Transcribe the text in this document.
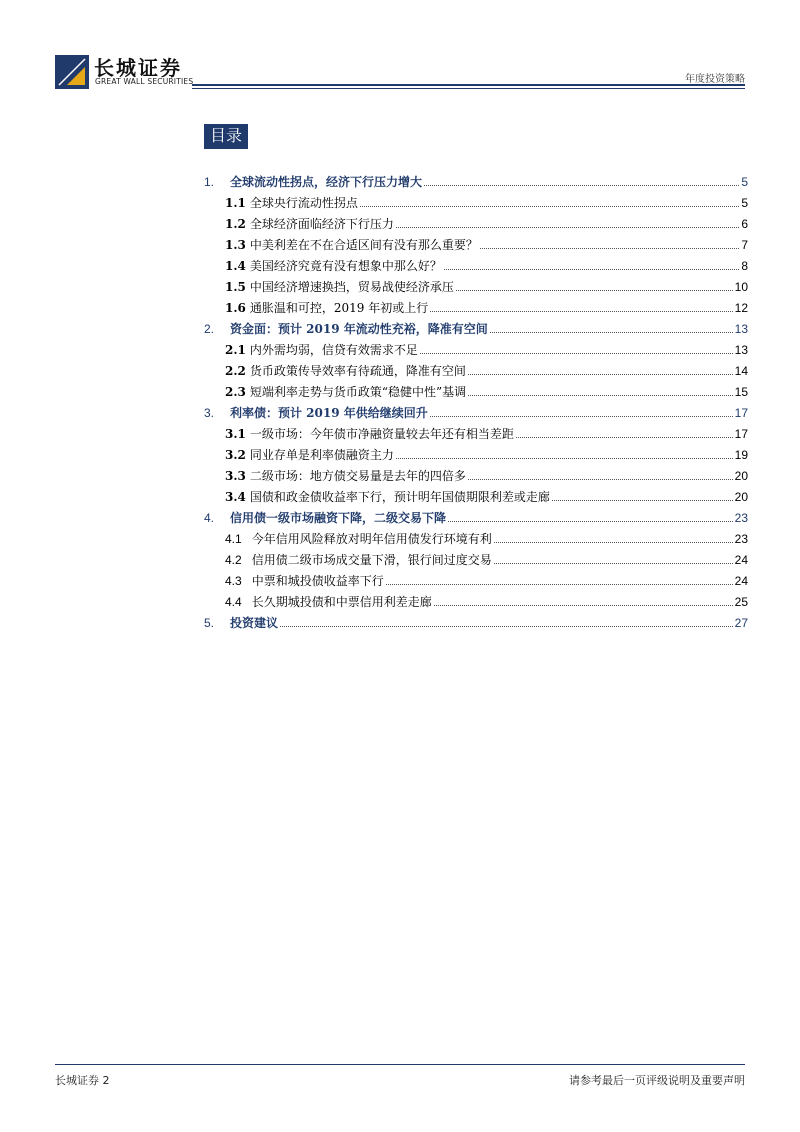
长城证券
GREAT WALL SECURITIES	年度投资策略
目录
1.	全球流动性拐点，经济下行压力增大	5
1.1 全球央行流动性拐点	5
1.2 全球经济面临经济下行压力	6
1.3 中美利差在不在合适区间有没有那么重要？	7
1.4 美国经济究竟有没有想象中那么好？	8
1.5 中国经济增速换挡，贸易战使经济承压	10
1.6 通胀温和可控，2019 年初或上行	12
2.	资金面：预计 2019 年流动性充裕，降准有空间	13
2.1 内外需均弱，信贷有效需求不足	13
2.2 货币政策传导效率有待疏通，降准有空间	14
2.3 短端利率走势与货币政策“稳健中性”基调	15
3.	利率债：预计 2019 年供给继续回升	17
3.1 一级市场：今年债市净融资量较去年还有相当差距	17
3.2 同业存单是利率债融资主力	19
3.3 二级市场：地方债交易量是去年的四倍多	20
3.4 国债和政金债收益率下行，预计明年国债期限利差或走廊	20
4.	信用债一级市场融资下降，二级交易下降	23
4.1 今年信用风险释放对明年信用债发行环境有利	23
4.2 信用债二级市场成交量下滑，银行间过度交易	24
4.3 中票和城投债收益率下行	24
4.4 长久期城投债和中票信用利差走廊	25
5.	投资建议	27
长城证券 2	请参考最后一页评级说明及重要声明
